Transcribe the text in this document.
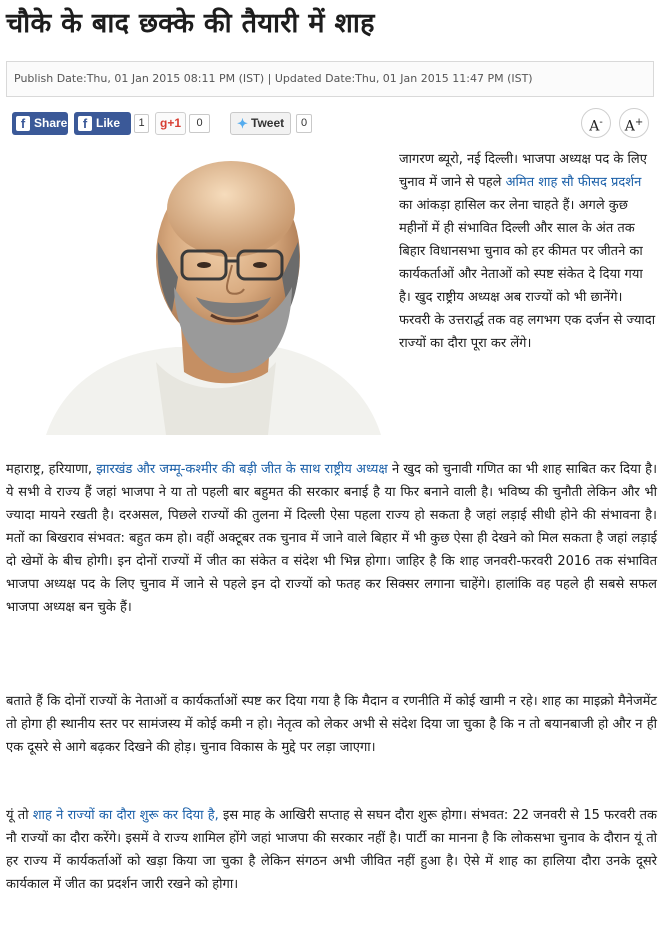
चौके के बाद छक्के की तैयारी में शाह
Publish Date:Thu, 01 Jan 2015 08:11 PM (IST) | Updated Date:Thu, 01 Jan 2015 11:47 PM (IST)
f Share	f Like	1	g+1	0	✦ Tweet	0	A-	A+

जागरण ब्यूरो, नई दिल्ली। भाजपा अध्यक्ष पद के लिए चुनाव में जाने से पहले अमित शाह सौ फीसद प्रदर्शन का आंकड़ा हासिल कर लेना चाहते हैं। अगले कुछ महीनों में ही संभावित दिल्ली और साल के अंत तक बिहार विधानसभा चुनाव को हर कीमत पर जीतने का कार्यकर्ताओं और नेताओं को स्पष्ट संकेत दे दिया गया है। खुद राष्ट्रीय अध्यक्ष अब राज्यों को भी छानेंगे। फरवरी के उत्तरार्द्ध तक वह लगभग एक दर्जन से ज्यादा राज्यों का दौरा पूरा कर लेंगे।

महाराष्ट्र, हरियाणा, झारखंड और जम्मू-कश्मीर की बड़ी जीत के साथ राष्ट्रीय अध्यक्ष ने खुद को चुनावी गणित का भी शाह साबित कर दिया है। ये सभी वे राज्य हैं जहां भाजपा ने या तो पहली बार बहुमत की सरकार बनाई है या फिर बनाने वाली है। भविष्य की चुनौती लेकिन और भी ज्यादा मायने रखती है। दरअसल, पिछले राज्यों की तुलना में दिल्ली ऐसा पहला राज्य हो सकता है जहां लड़ाई सीधी होने की संभावना है। मतों का बिखराव संभवत: बहुत कम हो। वहीं अक्टूबर तक चुनाव में जाने वाले बिहार में भी कुछ ऐसा ही देखने को मिल सकता है जहां लड़ाई दो खेमों के बीच होगी। इन दोनों राज्यों में जीत का संकेत व संदेश भी भिन्न होगा। जाहिर है कि शाह जनवरी-फरवरी 2016 तक संभावित भाजपा अध्यक्ष पद के लिए चुनाव में जाने से पहले इन दो राज्यों को फतह कर सिक्सर लगाना चाहेंगे। हालांकि वह पहले ही सबसे सफल भाजपा अध्यक्ष बन चुके हैं।

बताते हैं कि दोनों राज्यों के नेताओं व कार्यकर्ताओं स्पष्ट कर दिया गया है कि मैदान व रणनीति में कोई खामी न रहे। शाह का माइक्रो मैनेजमेंट तो होगा ही स्थानीय स्तर पर सामंजस्य में कोई कमी न हो। नेतृत्व को लेकर अभी से संदेश दिया जा चुका है कि न तो बयानबाजी हो और न ही एक दूसरे से आगे बढ़कर दिखने की होड़। चुनाव विकास के मुद्दे पर लड़ा जाएगा।

यूं तो शाह ने राज्यों का दौरा शुरू कर दिया है, इस माह के आखिरी सप्ताह से सघन दौरा शुरू होगा। संभवत: 22 जनवरी से 15 फरवरी तक नौ राज्यों का दौरा करेंगे। इसमें वे राज्य शामिल होंगे जहां भाजपा की सरकार नहीं है। पार्टी का मानना है कि लोकसभा चुनाव के दौरान यूं तो हर राज्य में कार्यकर्ताओं को खड़ा किया जा चुका है लेकिन संगठन अभी जीवित नहीं हुआ है। ऐसे में शाह का हालिया दौरा उनके दूसरे कार्यकाल में जीत का प्रदर्शन जारी रखने को होगा।
